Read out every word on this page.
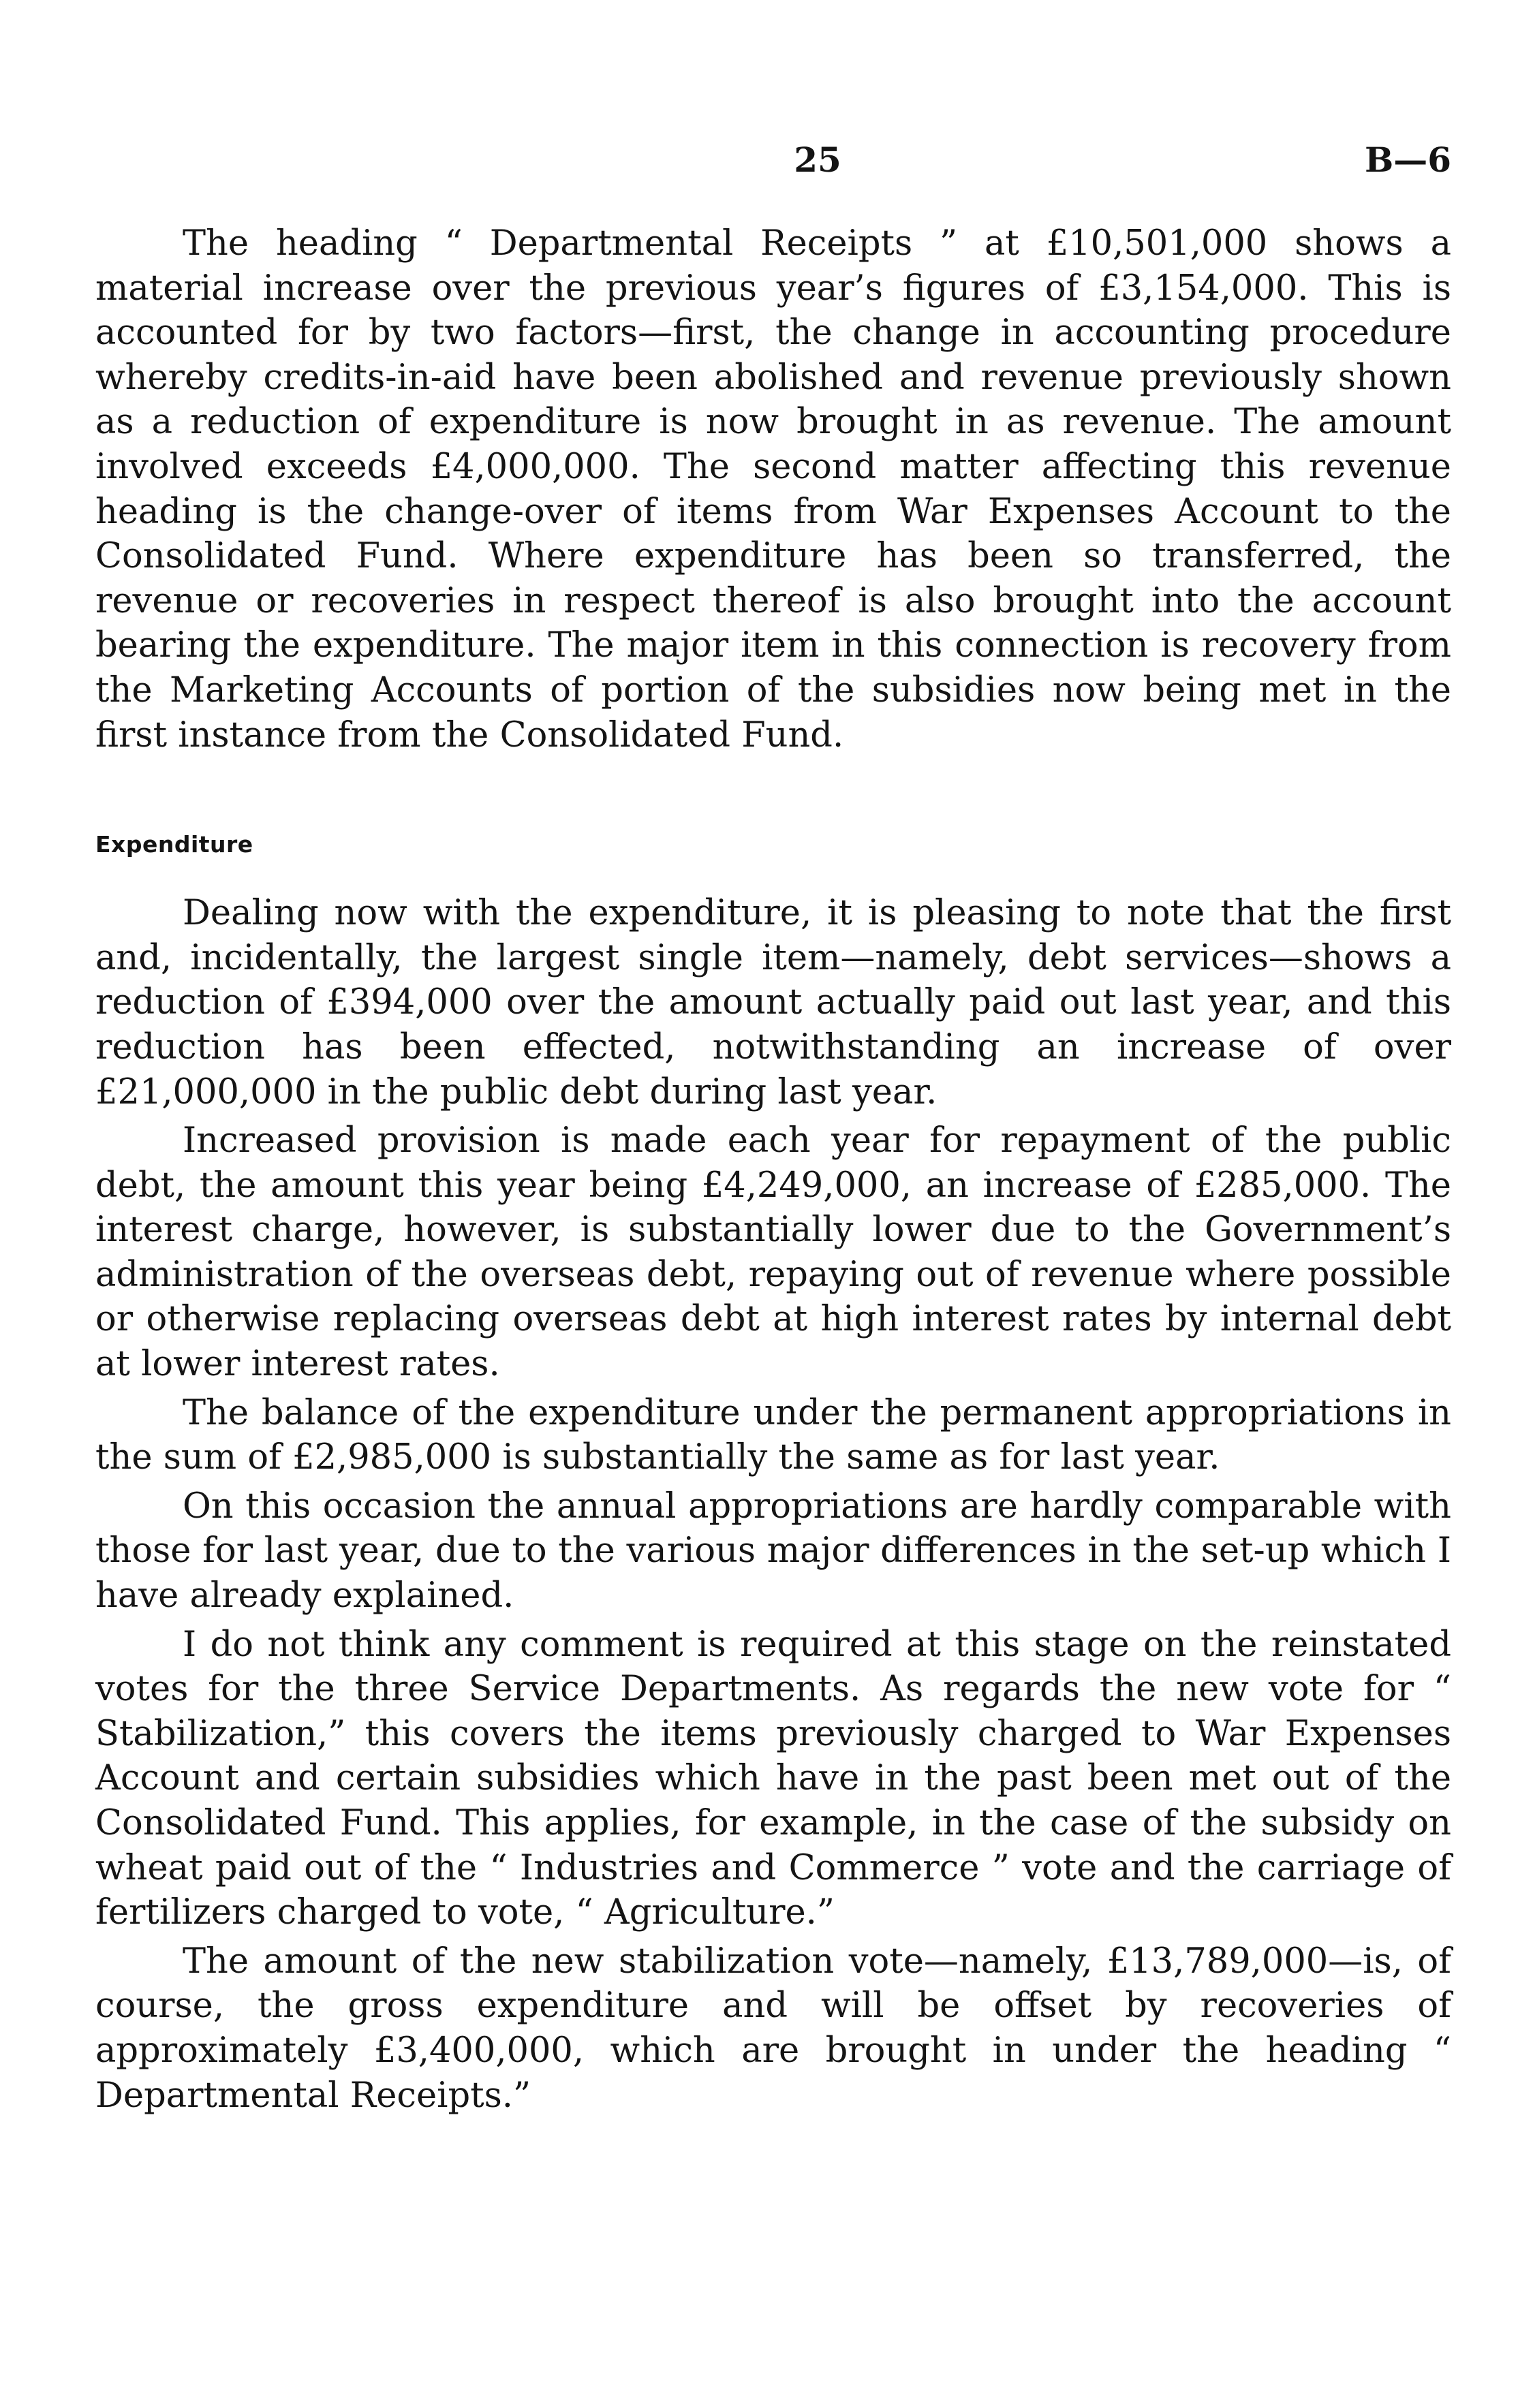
25	B—6

The heading “ Departmental Receipts ” at £10,501,000 shows a material increase over the previous year’s figures of £3,154,000. This is accounted for by two factors—first, the change in accounting procedure whereby credits-in-aid have been abolished and revenue previously shown as a reduction of expenditure is now brought in as revenue. The amount involved exceeds £4,000,000. The second matter affecting this revenue heading is the change-over of items from War Expenses Account to the Consolidated Fund. Where expenditure has been so transferred, the revenue or recoveries in respect thereof is also brought into the account bearing the expenditure. The major item in this connection is recovery from the Marketing Accounts of portion of the subsidies now being met in the first instance from the Consolidated Fund.

Expenditure

Dealing now with the expenditure, it is pleasing to note that the first and, incidentally, the largest single item—namely, debt services—shows a reduction of £394,000 over the amount actually paid out last year, and this reduction has been effected, notwithstanding an increase of over £21,000,000 in the public debt during last year.

Increased provision is made each year for repayment of the public debt, the amount this year being £4,249,000, an increase of £285,000. The interest charge, however, is substantially lower due to the Government’s administration of the overseas debt, repaying out of revenue where possible or otherwise replacing overseas debt at high interest rates by internal debt at lower interest rates.

The balance of the expenditure under the permanent appropriations in the sum of £2,985,000 is substantially the same as for last year.

On this occasion the annual appropriations are hardly comparable with those for last year, due to the various major differences in the set-up which I have already explained.

I do not think any comment is required at this stage on the reinstated votes for the three Service Departments. As regards the new vote for “ Stabilization,” this covers the items previously charged to War Expenses Account and certain subsidies which have in the past been met out of the Consolidated Fund. This applies, for example, in the case of the subsidy on wheat paid out of the “ Industries and Commerce ” vote and the carriage of fertilizers charged to vote, “ Agriculture.”

The amount of the new stabilization vote—namely, £13,789,000—is, of course, the gross expenditure and will be offset by recoveries of approximately £3,400,000, which are brought in under the heading “ Departmental Receipts.”
